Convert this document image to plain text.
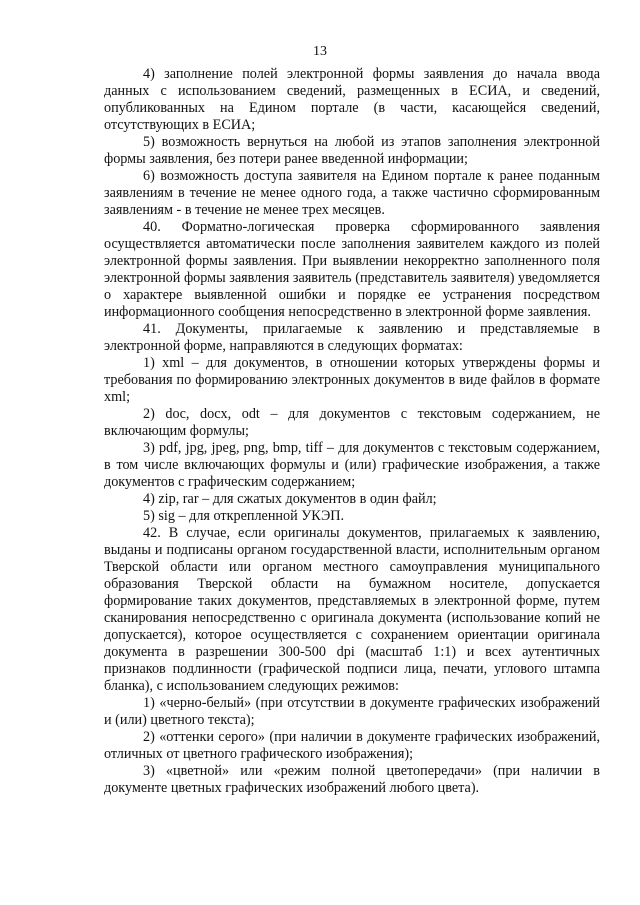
13

4) заполнение полей электронной формы заявления до начала ввода данных с использованием сведений, размещенных в ЕСИА, и сведений, опубликованных на Едином портале (в части, касающейся сведений, отсутствующих в ЕСИА;

5) возможность вернуться на любой из этапов заполнения электронной формы заявления, без потери ранее введенной информации;

6) возможность доступа заявителя на Едином портале к ранее поданным заявлениям в течение не менее одного года, а также частично сформированным заявлениям - в течение не менее трех месяцев.

40. Форматно-логическая проверка сформированного заявления осуществляется автоматически после заполнения заявителем каждого из полей электронной формы заявления. При выявлении некорректно заполненного поля электронной формы заявления заявитель (представитель заявителя) уведомляется о характере выявленной ошибки и порядке ее устранения посредством информационного сообщения непосредственно в электронной форме заявления.

41. Документы, прилагаемые к заявлению и представляемые в электронной форме, направляются в следующих форматах:

1) xml – для документов, в отношении которых утверждены формы и требования по формированию электронных документов в виде файлов в формате xml;

2) doc, docx, odt – для документов с текстовым содержанием, не включающим формулы;

3) pdf, jpg, jpeg, png, bmp, tiff – для документов с текстовым содержанием, в том числе включающих формулы и (или) графические изображения, а также документов с графическим содержанием;

4) zip, rar – для сжатых документов в один файл;

5) sig – для открепленной УКЭП.

42. В случае, если оригиналы документов, прилагаемых к заявлению, выданы и подписаны органом государственной власти, исполнительным органом Тверской области или органом местного самоуправления муниципального образования Тверской области на бумажном носителе, допускается формирование таких документов, представляемых в электронной форме, путем сканирования непосредственно с оригинала документа (использование копий не допускается), которое осуществляется с сохранением ориентации оригинала документа в разрешении 300-500 dpi (масштаб 1:1) и всех аутентичных признаков подлинности (графической подписи лица, печати, углового штампа бланка), с использованием следующих режимов:

1) «черно-белый» (при отсутствии в документе графических изображений и (или) цветного текста);

2) «оттенки серого» (при наличии в документе графических изображений, отличных от цветного графического изображения);

3) «цветной» или «режим полной цветопередачи» (при наличии в документе цветных графических изображений любого цвета).
